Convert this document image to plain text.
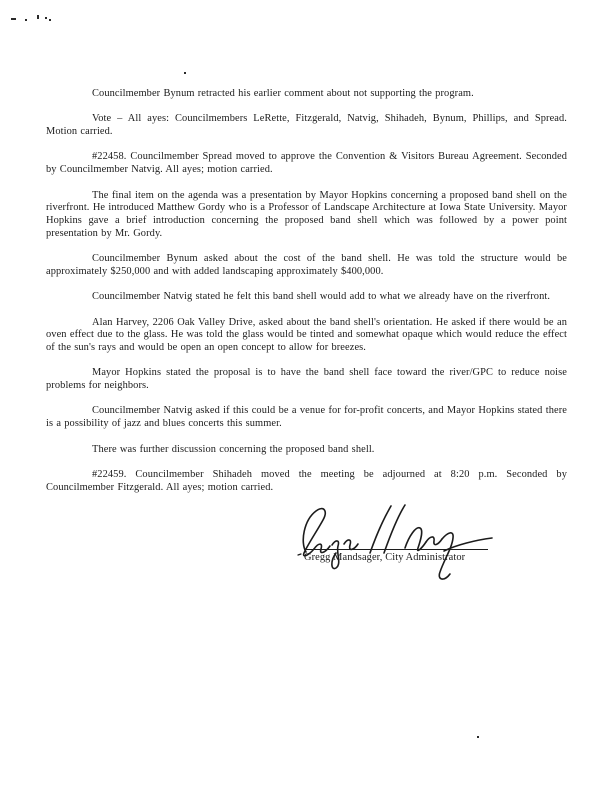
Councilmember Bynum retracted his earlier comment about not supporting the program.

Vote – All ayes: Councilmembers LeRette, Fitzgerald, Natvig, Shihadeh, Bynum, Phillips, and Spread. Motion carried.

#22458. Councilmember Spread moved to approve the Convention & Visitors Bureau Agreement. Seconded by Councilmember Natvig. All ayes; motion carried.

The final item on the agenda was a presentation by Mayor Hopkins concerning a proposed band shell on the riverfront. He introduced Matthew Gordy who is a Professor of Landscape Architecture at Iowa State University. Mayor Hopkins gave a brief introduction concerning the proposed band shell which was followed by a power point presentation by Mr. Gordy.

Councilmember Bynum asked about the cost of the band shell. He was told the structure would be approximately $250,000 and with added landscaping approximately $400,000.

Councilmember Natvig stated he felt this band shell would add to what we already have on the riverfront.

Alan Harvey, 2206 Oak Valley Drive, asked about the band shell's orientation. He asked if there would be an oven effect due to the glass. He was told the glass would be tinted and somewhat opaque which would reduce the effect of the sun's rays and would be open an open concept to allow for breezes.

Mayor Hopkins stated the proposal is to have the band shell face toward the river/GPC to reduce noise problems for neighbors.

Councilmember Natvig asked if this could be a venue for for-profit concerts, and Mayor Hopkins stated there is a possibility of jazz and blues concerts this summer.

There was further discussion concerning the proposed band shell.

#22459. Councilmember Shihadeh moved the meeting be adjourned at 8:20 p.m. Seconded by Councilmember Fitzgerald. All ayes; motion carried.

Gregg Mandsager, City Administrator
